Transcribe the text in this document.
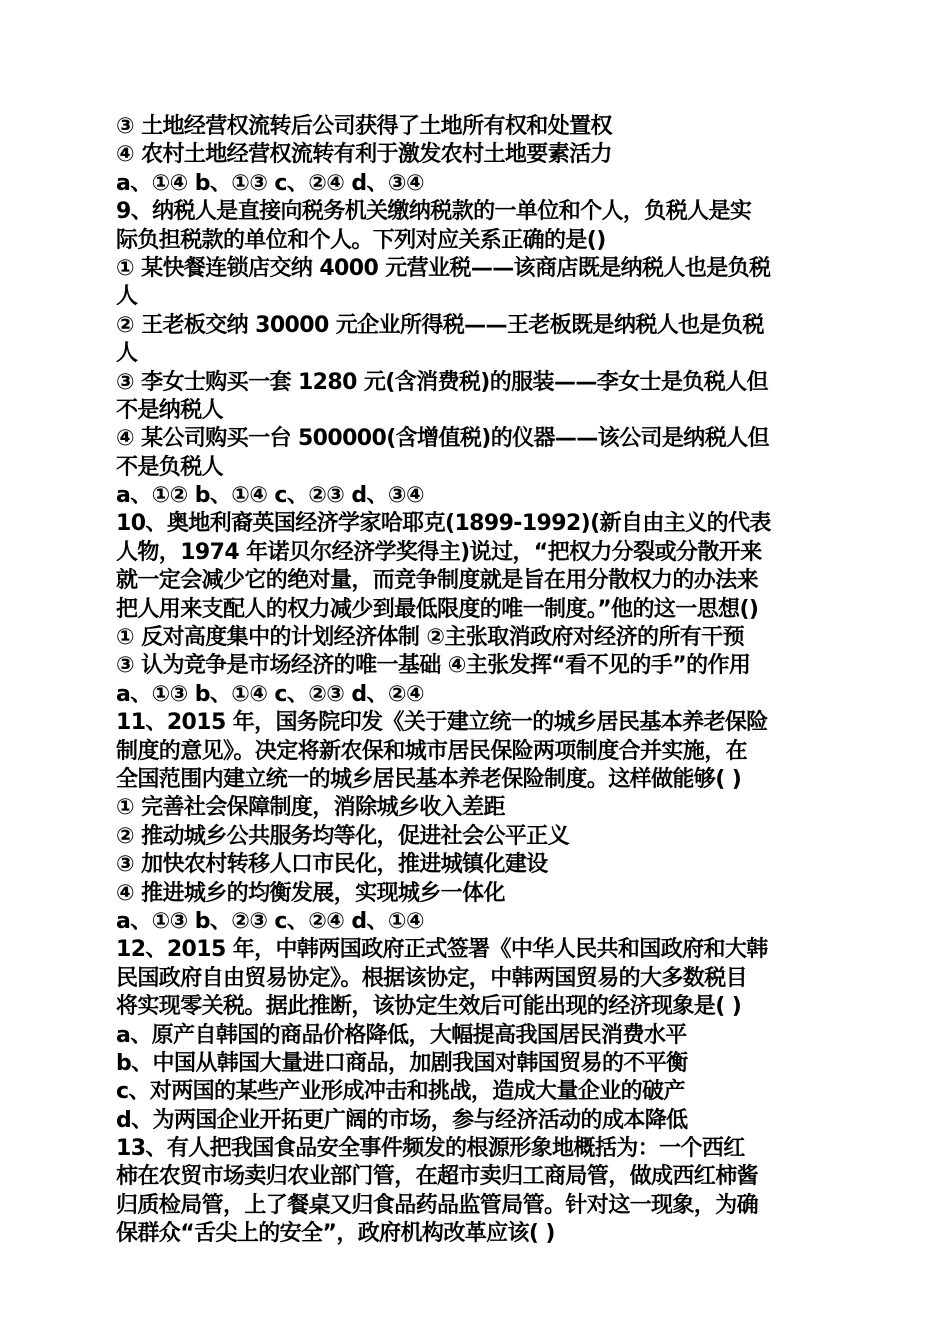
③ 土地经营权流转后公司获得了土地所有权和处置权
④ 农村土地经营权流转有利于激发农村土地要素活力
a、①④ b、①③ c、②④ d、③④
9、纳税人是直接向税务机关缴纳税款的一单位和个人，负税人是实
际负担税款的单位和个人。下列对应关系正确的是()
① 某快餐连锁店交纳 4000 元营业税——该商店既是纳税人也是负税
人
② 王老板交纳 30000 元企业所得税——王老板既是纳税人也是负税
人
③ 李女士购买一套 1280 元(含消费税)的服装——李女士是负税人但
不是纳税人
④ 某公司购买一台 500000(含增值税)的仪器——该公司是纳税人但
不是负税人
a、①② b、①④ c、②③ d、③④
10、奥地利裔英国经济学家哈耶克(1899-1992)(新自由主义的代表
人物，1974 年诺贝尔经济学奖得主)说过，“把权力分裂或分散开来
就一定会减少它的绝对量，而竞争制度就是旨在用分散权力的办法来
把人用来支配人的权力减少到最低限度的唯一制度。”他的这一思想()
① 反对高度集中的计划经济体制 ②主张取消政府对经济的所有干预
③ 认为竞争是市场经济的唯一基础 ④主张发挥“看不见的手”的作用
a、①③ b、①④ c、②③ d、②④
11、2015 年，国务院印发《关于建立统一的城乡居民基本养老保险
制度的意见》。决定将新农保和城市居民保险两项制度合并实施，在
全国范围内建立统一的城乡居民基本养老保险制度。这样做能够( )
① 完善社会保障制度，消除城乡收入差距
② 推动城乡公共服务均等化，促进社会公平正义
③ 加快农村转移人口市民化，推进城镇化建设
④ 推进城乡的均衡发展，实现城乡一体化
a、①③ b、②③ c、②④ d、①④
12、2015 年，中韩两国政府正式签署《中华人民共和国政府和大韩
民国政府自由贸易协定》。根据该协定，中韩两国贸易的大多数税目
将实现零关税。据此推断，该协定生效后可能出现的经济现象是( )
a、原产自韩国的商品价格降低，大幅提高我国居民消费水平
b、中国从韩国大量进口商品，加剧我国对韩国贸易的不平衡
c、对两国的某些产业形成冲击和挑战，造成大量企业的破产
d、为两国企业开拓更广阔的市场，参与经济活动的成本降低
13、有人把我国食品安全事件频发的根源形象地概括为：一个西红
柿在农贸市场卖归农业部门管，在超市卖归工商局管，做成西红柿酱
归质检局管，上了餐桌又归食品药品监管局管。针对这一现象，为确
保群众“舌尖上的安全”，政府机构改革应该( )
